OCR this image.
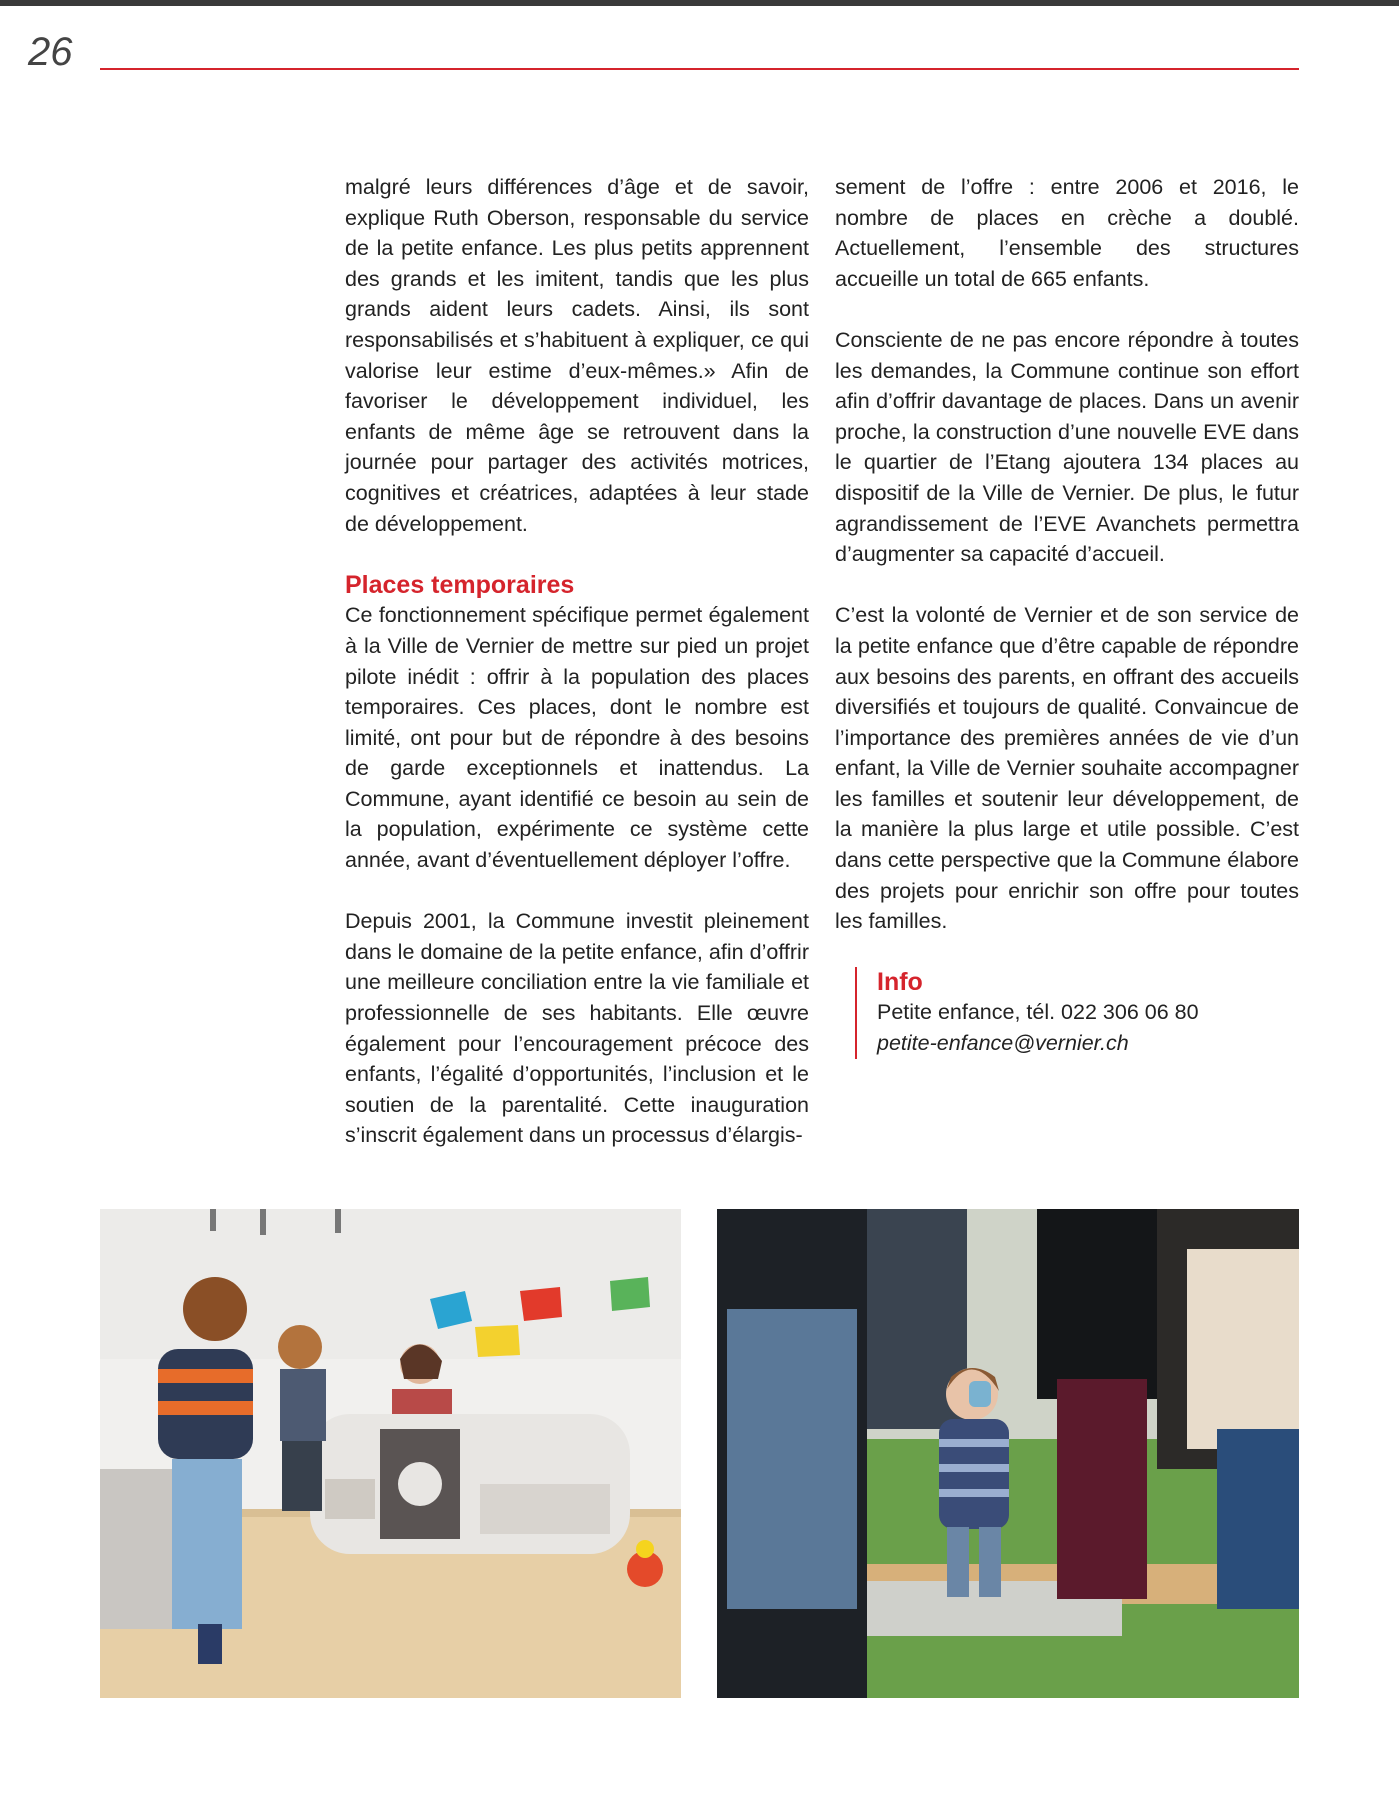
26

malgré leurs différences d’âge et de savoir, explique Ruth Oberson, responsable du service de la petite enfance. Les plus petits apprennent des grands et les imitent, tandis que les plus grands aident leurs cadets. Ainsi, ils sont responsabilisés et s’habituent à expliquer, ce qui valorise leur estime d’eux-mêmes.» Afin de favoriser le développement individuel, les enfants de même âge se retrouvent dans la journée pour partager des activités motrices, cognitives et créatrices, adaptées à leur stade de développement.

Places temporaires

Ce fonctionnement spécifique permet également à la Ville de Vernier de mettre sur pied un projet pilote inédit : offrir à la population des places temporaires. Ces places, dont le nombre est limité, ont pour but de répondre à des besoins de garde exceptionnels et inattendus. La Commune, ayant identifié ce besoin au sein de la population, expérimente ce système cette année, avant d’éventuellement déployer l’offre.

Depuis 2001, la Commune investit pleinement dans le domaine de la petite enfance, afin d’offrir une meilleure conciliation entre la vie familiale et professionnelle de ses habitants. Elle œuvre également pour l’encouragement précoce des enfants, l’égalité d’opportunités, l’inclusion et le soutien de la parentalité. Cette inauguration s’inscrit également dans un processus d’élargis-

sement de l’offre : entre 2006 et 2016, le nombre de places en crèche a doublé. Actuellement, l’ensemble des structures accueille un total de 665 enfants.

Consciente de ne pas encore répondre à toutes les demandes, la Commune continue son effort afin d’offrir davantage de places. Dans un avenir proche, la construction d’une nouvelle EVE dans le quartier de l’Etang ajoutera 134 places au dispositif de la Ville de Vernier. De plus, le futur agrandissement de l’EVE Avanchets permettra d’augmenter sa capacité d’accueil.

C’est la volonté de Vernier et de son service de la petite enfance que d’être capable de répondre aux besoins des parents, en offrant des accueils diversifiés et toujours de qualité. Convaincue de l’importance des premières années de vie d’un enfant, la Ville de Vernier souhaite accompagner les familles et soutenir leur développement, de la manière la plus large et utile possible. C’est dans cette perspective que la Commune élabore des projets pour enrichir son offre pour toutes les familles.

Info
Petite enfance, tél. 022 306 06 80
petite-enfance@vernier.ch
